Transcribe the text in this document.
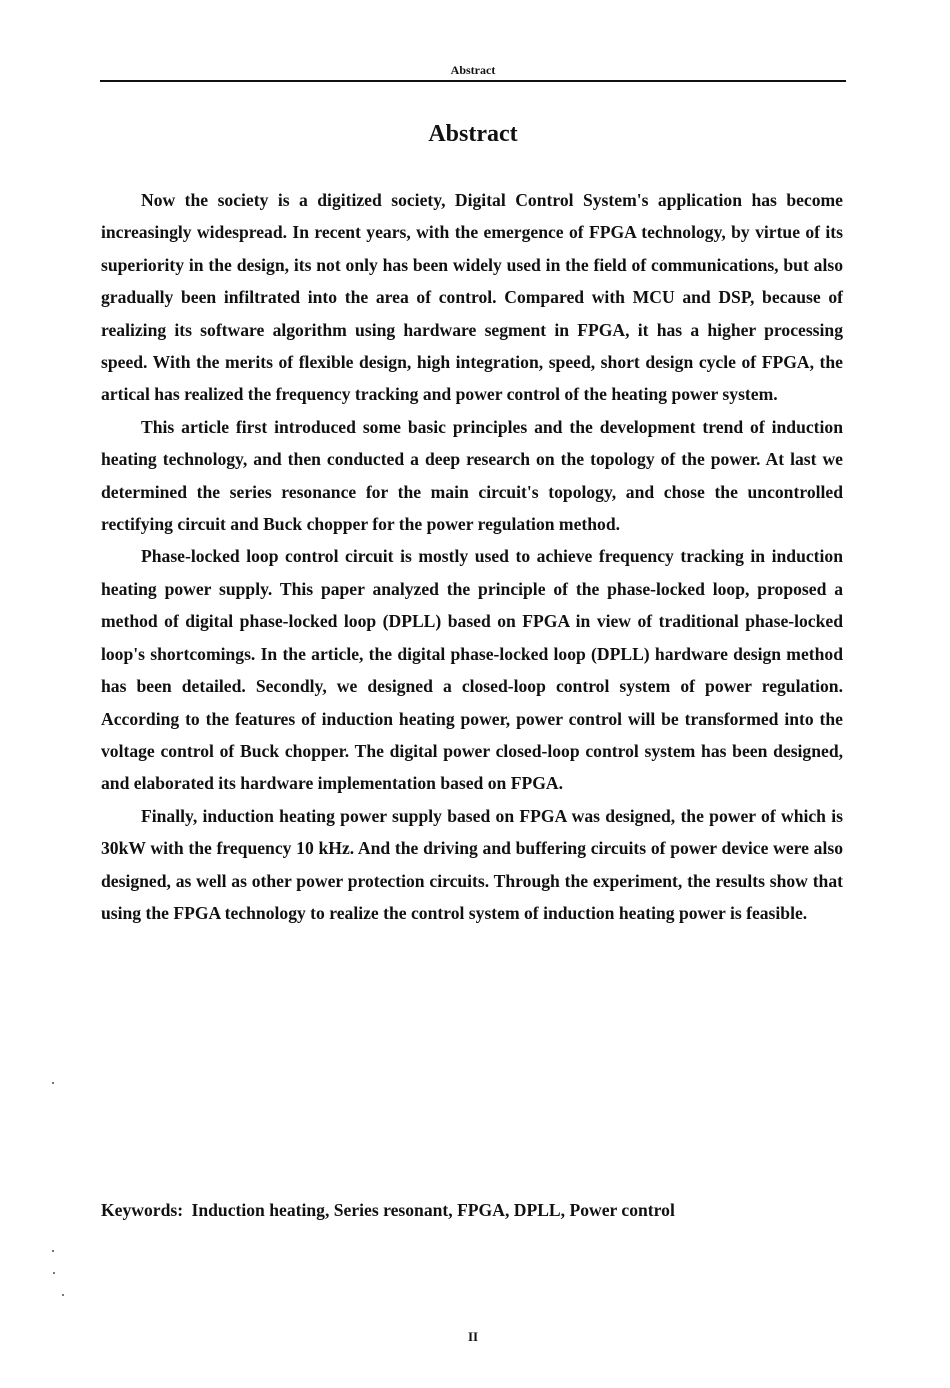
Abstract
Abstract

Now the society is a digitized society, Digital Control System's application has become increasingly widespread. In recent years, with the emergence of FPGA technology, by virtue of its superiority in the design, its not only has been widely used in the field of communications, but also gradually been infiltrated into the area of control. Compared with MCU and DSP, because of realizing its software algorithm using hardware segment in FPGA, it has a higher processing speed. With the merits of flexible design, high integration, speed, short design cycle of FPGA, the artical has realized the frequency tracking and power control of the heating power system.

This article first introduced some basic principles and the development trend of induction heating technology, and then conducted a deep research on the topology of the power. At last we determined the series resonance for the main circuit's topology, and chose the uncontrolled rectifying circuit and Buck chopper for the power regulation method.

Phase-locked loop control circuit is mostly used to achieve frequency tracking in induction heating power supply. This paper analyzed the principle of the phase-locked loop, proposed a method of digital phase-locked loop (DPLL) based on FPGA in view of traditional phase-locked loop's shortcomings. In the article, the digital phase-locked loop (DPLL) hardware design method has been detailed. Secondly, we designed a closed-loop control system of power regulation. According to the features of induction heating power, power control will be transformed into the voltage control of Buck chopper. The digital power closed-loop control system has been designed, and elaborated its hardware implementation based on FPGA.

Finally, induction heating power supply based on FPGA was designed, the power of which is 30kW with the frequency 10 kHz. And the driving and buffering circuits of power device were also designed, as well as other power protection circuits. Through the experiment, the results show that using the FPGA technology to realize the control system of induction heating power is feasible.

Keywords: Induction heating, Series resonant, FPGA, DPLL, Power control
II
